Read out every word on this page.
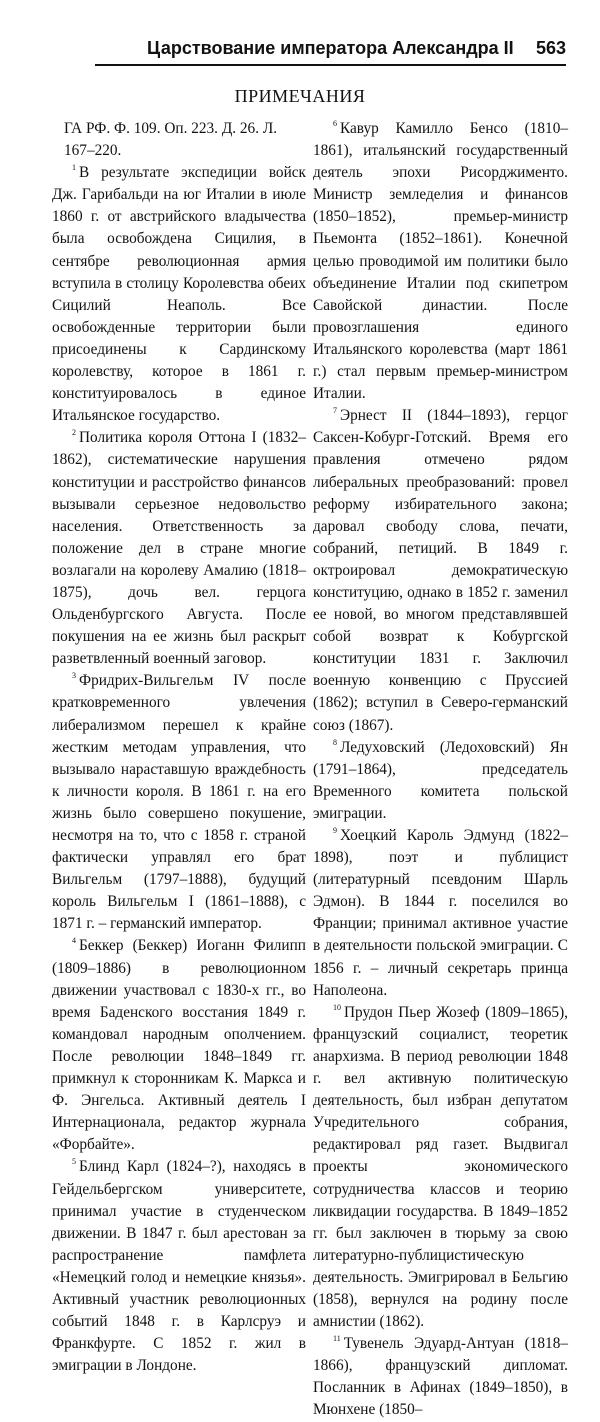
Царствование императора Александра II 563
ПРИМЕЧАНИЯ

ГА РФ. Ф. 109. Оп. 223. Д. 26. Л. 167–220.

$^1$ В результате экспедиции войск Дж. Гарибальди на юг Италии в июле 1860 г. от австрийского владычества была освобождена Сицилия, в сентябре революционная армия вступила в столицу Королевства обеих Сицилий Неаполь. Все освобожденные территории были присоединены к Сардинскому королевству, которое в 1861 г. конституировалось в единое Итальянское государство.

$^2$ Политика короля Оттона I (1832–1862), систематические нарушения конституции и расстройство финансов вызывали серьезное недовольство населения. Ответственность за положение дел в стране многие возлагали на королеву Амалию (1818–1875), дочь вел. герцога Ольденбургского Августа. После покушения на ее жизнь был раскрыт разветвленный военный заговор.

$^3$ Фридрих-Вильгельм IV после кратковременного увлечения либерализмом перешел к крайне жестким методам управления, что вызывало нараставшую враждебность к личности короля. В 1861 г. на его жизнь было совершено покушение, несмотря на то, что с 1858 г. страной фактически управлял его брат Вильгельм (1797–1888), будущий король Вильгельм I (1861–1888), с 1871 г. – германский император.

$^4$ Беккер (Беккер) Иоганн Филипп (1809–1886) в революционном движении участвовал с 1830-х гг., во время Баденского восстания 1849 г. командовал народным ополчением. После революции 1848–1849 гг. примкнул к сторонникам К. Маркса и Ф. Энгельса. Активный деятель I Интернационала, редактор журнала «Форбайте».

$^5$ Блинд Карл (1824–?), находясь в Гейдельбергском университете, принимал участие в студенческом движении. В 1847 г. был арестован за распространение памфлета «Немецкий голод и немецкие князья». Активный участник революционных событий 1848 г. в Карлсруэ и Франкфурте. С 1852 г. жил в эмиграции в Лондоне.

$^6$ Кавур Камилло Бенсо (1810–1861), итальянский государственный деятель эпохи Рисорджименто. Министр земледелия и финансов (1850–1852), премьер-министр Пьемонта (1852–1861). Конечной целью проводимой им политики было объединение Италии под скипетром Савойской династии. После провозглашения единого Итальянского королевства (март 1861 г.) стал первым премьер-министром Италии.

$^7$ Эрнест II (1844–1893), герцог Саксен-Кобург-Готский. Время его правления отмечено рядом либеральных преобразований: провел реформу избирательного закона; даровал свободу слова, печати, собраний, петиций. В 1849 г. октроировал демократическую конституцию, однако в 1852 г. заменил ее новой, во многом представлявшей собой возврат к Кобургской конституции 1831 г. Заключил военную конвенцию с Пруссией (1862); вступил в Северо-германский союз (1867).

$^8$ Ледуховский (Ледоховский) Ян (1791–1864), председатель Временного комитета польской эмиграции.

$^9$ Хоецкий Кароль Эдмунд (1822–1898), поэт и публицист (литературный псевдоним Шарль Эдмон). В 1844 г. поселился во Франции; принимал активное участие в деятельности польской эмиграции. С 1856 г. – личный секретарь принца Наполеона.

$^{10}$ Прудон Пьер Жозеф (1809–1865), французский социалист, теоретик анархизма. В период революции 1848 г. вел активную политическую деятельность, был избран депутатом Учредительного собрания, редактировал ряд газет. Выдвигал проекты экономического сотрудничества классов и теорию ликвидации государства. В 1849–1852 гг. был заключен в тюрьму за свою литературно-публицистическую деятельность. Эмигрировал в Бельгию (1858), вернулся на родину после амнистии (1862).

$^{11}$ Тувенель Эдуард-Антуан (1818–1866), французский дипломат. Посланник в Афинах (1849–1850), в Мюнхене (1850–
